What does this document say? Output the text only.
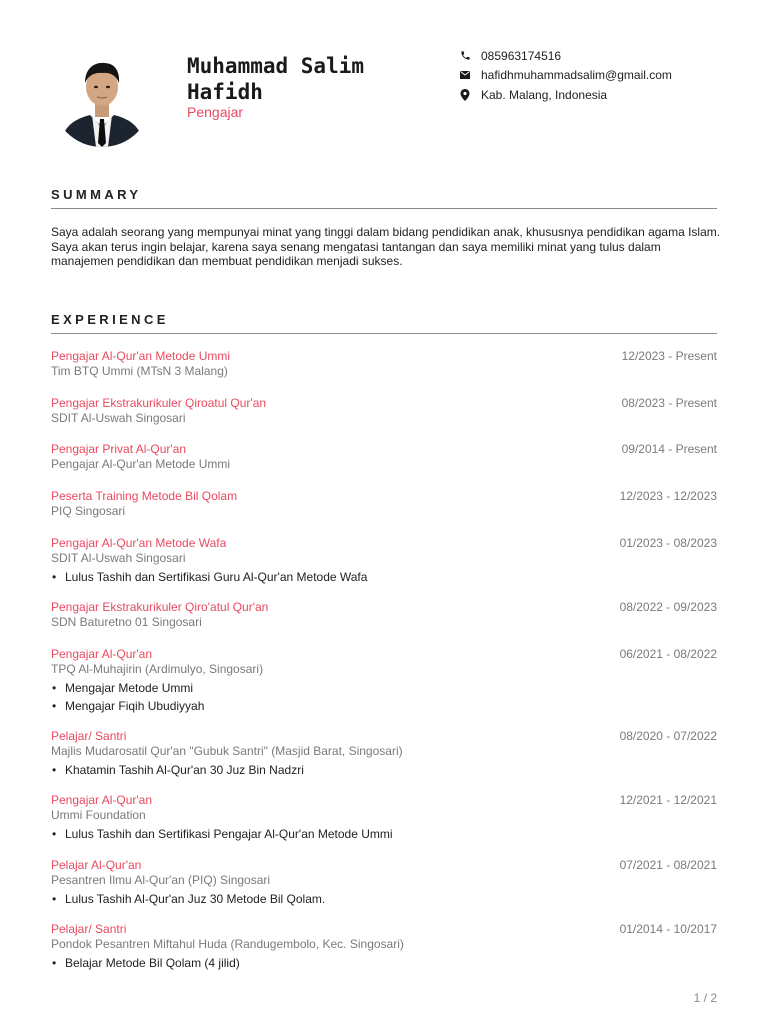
Muhammad Salim Hafidh
Pengajar
085963174516
hafidhmuhammadsalim@gmail.com
Kab. Malang, Indonesia
SUMMARY
Saya adalah seorang yang mempunyai minat yang tinggi dalam bidang pendidikan anak, khususnya pendidikan agama Islam.
Saya akan terus ingin belajar, karena saya senang mengatasi tantangan dan saya memiliki minat yang tulus dalam
manajemen pendidikan dan membuat pendidikan menjadi sukses.
EXPERIENCE
Pengajar Al-Qur'an Metode Ummi
Tim BTQ Ummi (MTsN 3 Malang)
12/2023 - Present
Pengajar Ekstrakurikuler Qiroatul Qur'an
SDIT Al-Uswah Singosari
08/2023 - Present
Pengajar Privat Al-Qur'an
Pengajar Al-Qur'an Metode Ummi
09/2014 - Present
Peserta Training Metode Bil Qolam
PIQ Singosari
12/2023 - 12/2023
Pengajar Al-Qur'an Metode Wafa
SDIT Al-Uswah Singosari
01/2023 - 08/2023
• Lulus Tashih dan Sertifikasi Guru Al-Qur'an Metode Wafa
Pengajar Ekstrakurikuler Qiro'atul Qur'an
SDN Baturetno 01 Singosari
08/2022 - 09/2023
Pengajar Al-Qur'an
TPQ Al-Muhajirin (Ardimulyo, Singosari)
06/2021 - 08/2022
• Mengajar Metode Ummi
• Mengajar Fiqih Ubudiyyah
Pelajar/ Santri
Majlis Mudarosatil Qur'an "Gubuk Santri" (Masjid Barat, Singosari)
08/2020 - 07/2022
• Khatamin Tashih Al-Qur'an 30 Juz Bin Nadzri
Pengajar Al-Qur'an
Ummi Foundation
12/2021 - 12/2021
• Lulus Tashih dan Sertifikasi Pengajar Al-Qur'an Metode Ummi
Pelajar Al-Qur'an
Pesantren Ilmu Al-Qur'an (PIQ) Singosari
07/2021 - 08/2021
• Lulus Tashih Al-Qur'an Juz 30 Metode Bil Qolam.
Pelajar/ Santri
Pondok Pesantren Miftahul Huda (Randugembolo, Kec. Singosari)
01/2014 - 10/2017
• Belajar Metode Bil Qolam (4 jilid)
1 / 2
